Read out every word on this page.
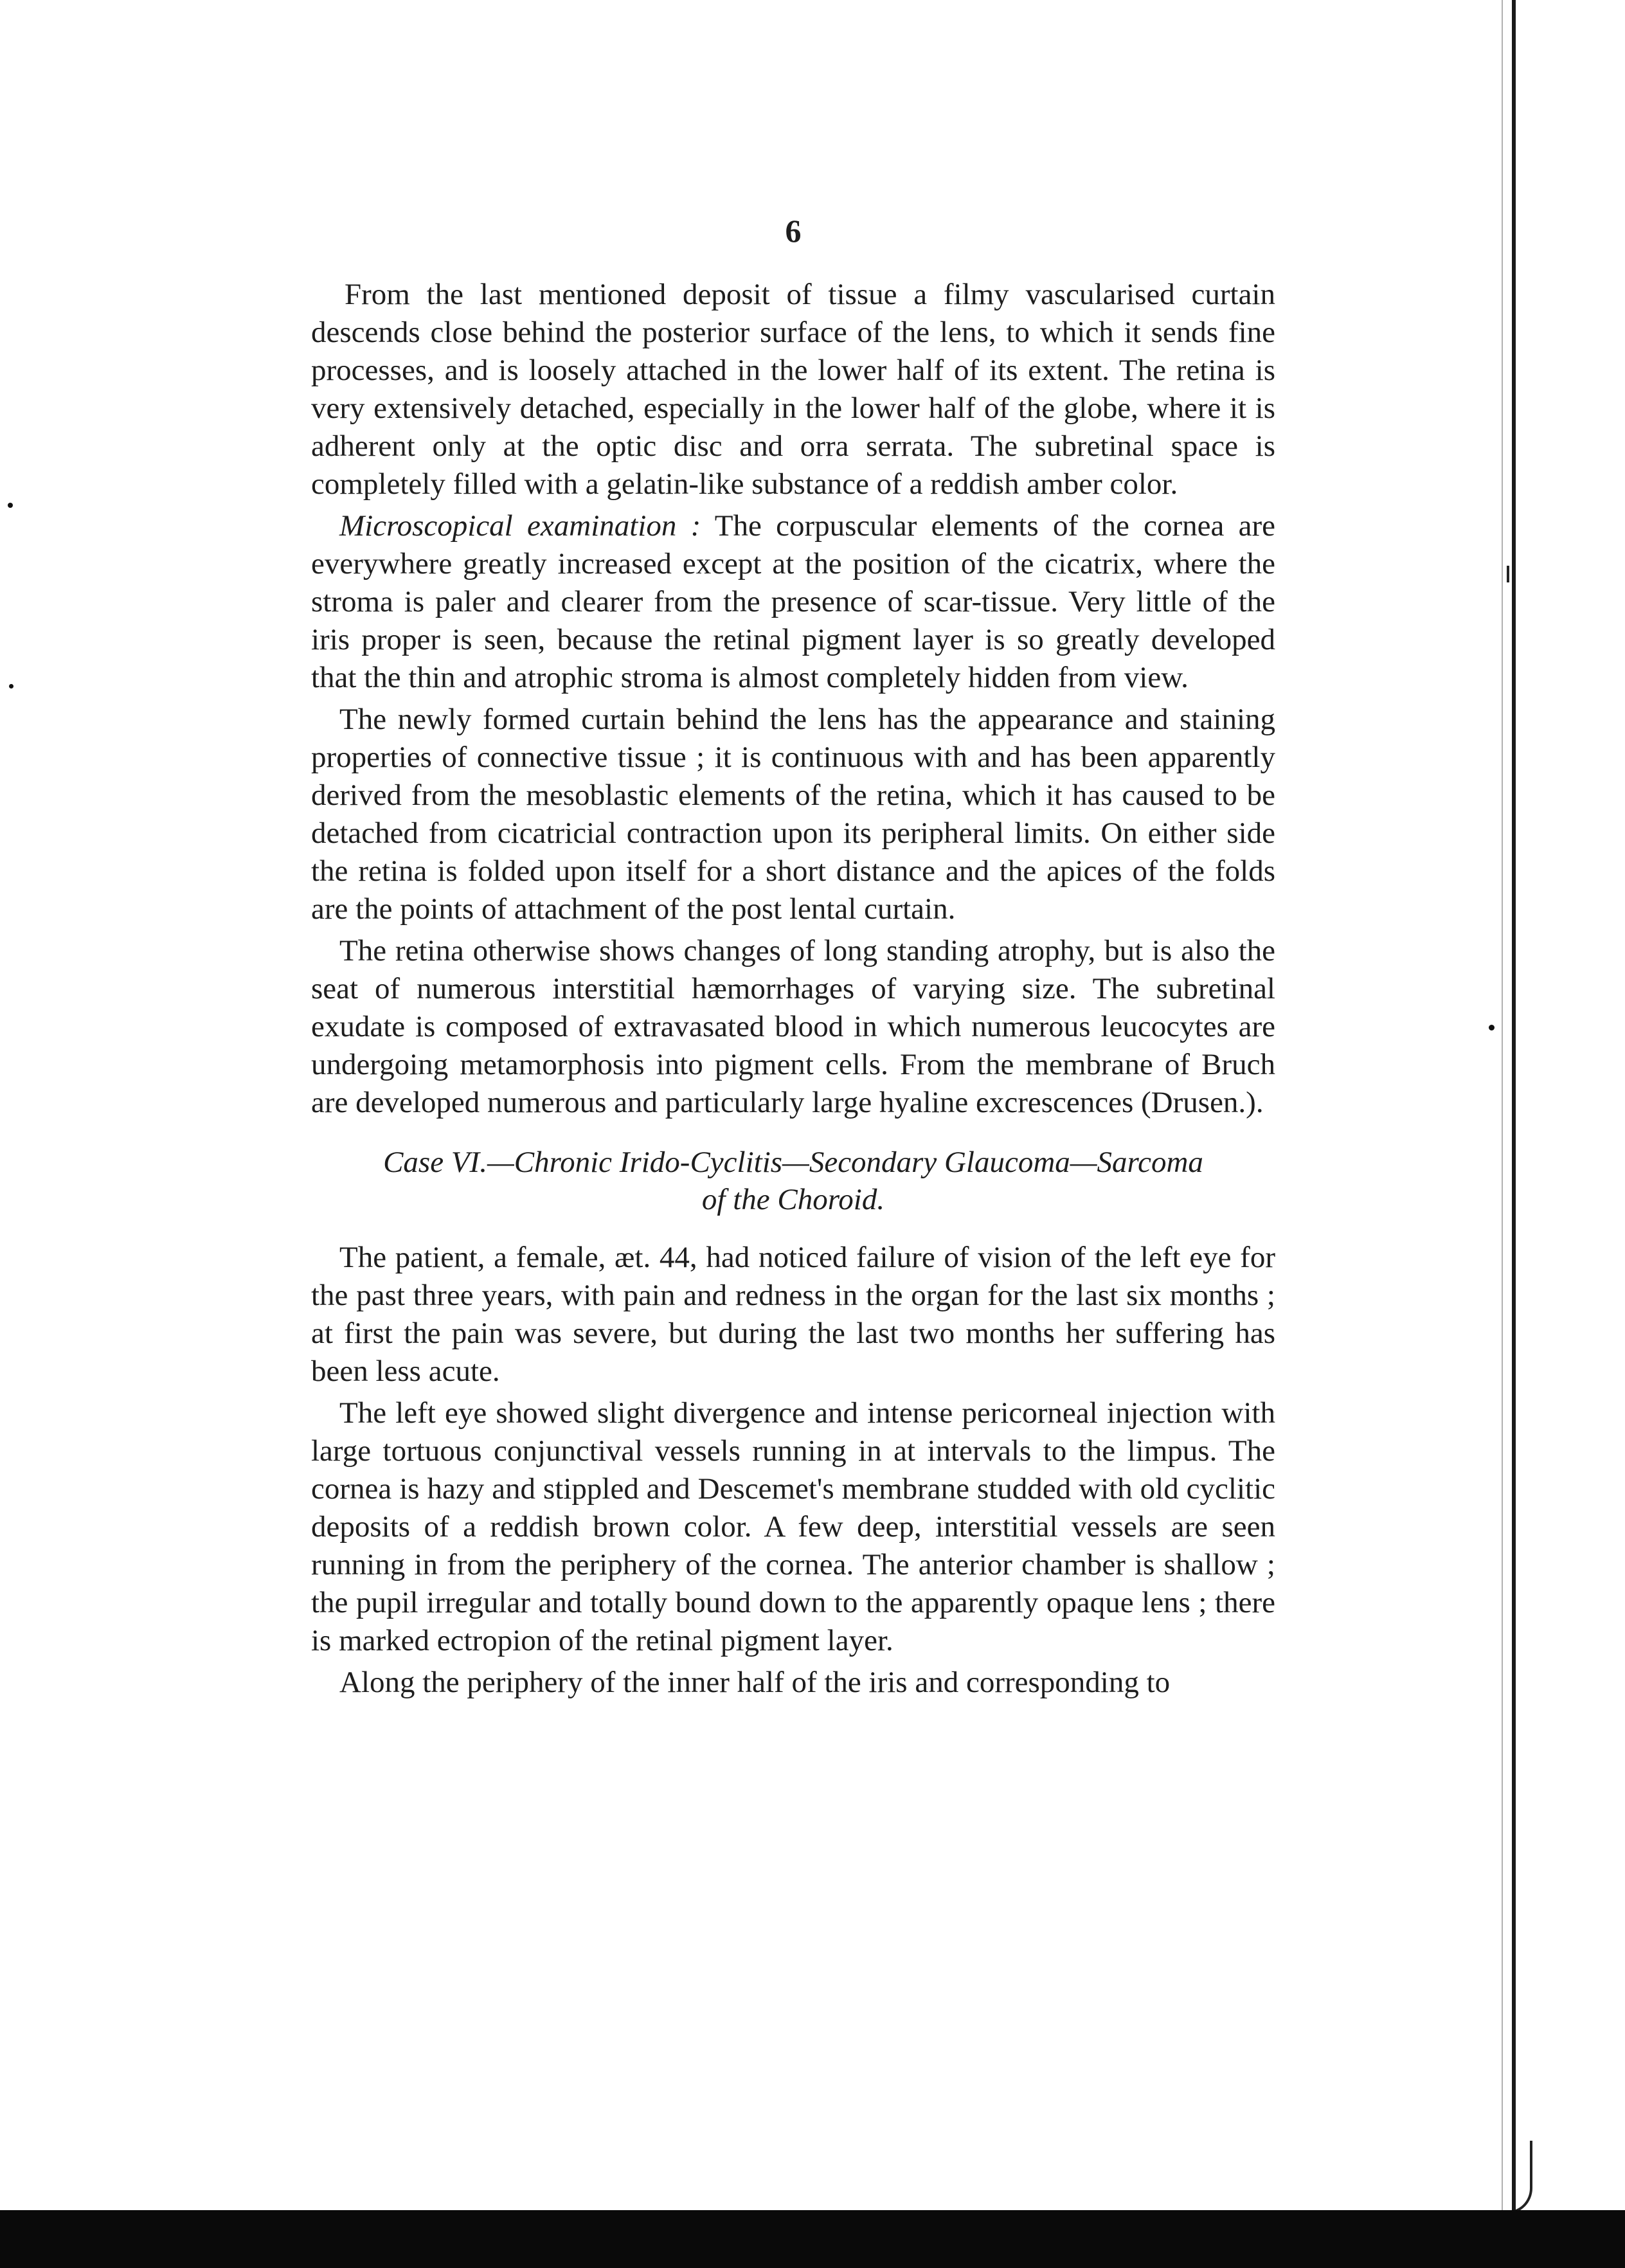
6

From the last mentioned deposit of tissue a filmy vascularised curtain descends close behind the posterior surface of the lens, to which it sends fine processes, and is loosely attached in the lower half of its extent. The retina is very extensively detached, especially in the lower half of the globe, where it is adherent only at the optic disc and orra serrata. The subretinal space is completely filled with a gelatin-like substance of a reddish amber color.

Microscopical examination : The corpuscular elements of the cornea are everywhere greatly increased except at the position of the cicatrix, where the stroma is paler and clearer from the presence of scar-tissue. Very little of the iris proper is seen, because the retinal pigment layer is so greatly developed that the thin and atrophic stroma is almost completely hidden from view.

The newly formed curtain behind the lens has the appearance and staining properties of connective tissue ; it is continuous with and has been apparently derived from the mesoblastic elements of the retina, which it has caused to be detached from cicatricial contraction upon its peripheral limits. On either side the retina is folded upon itself for a short distance and the apices of the folds are the points of attachment of the post lental curtain.

The retina otherwise shows changes of long standing atrophy, but is also the seat of numerous interstitial hæmorrhages of varying size. The subretinal exudate is composed of extravasated blood in which numerous leucocytes are undergoing metamorphosis into pigment cells. From the membrane of Bruch are developed numerous and particularly large hyaline excrescences (Drusen.).

Case VI.—Chronic Irido-Cyclitis—Secondary Glaucoma—Sarcoma
of the Choroid.

The patient, a female, æt. 44, had noticed failure of vision of the left eye for the past three years, with pain and redness in the organ for the last six months ; at first the pain was severe, but during the last two months her suffering has been less acute.

The left eye showed slight divergence and intense pericorneal injection with large tortuous conjunctival vessels running in at intervals to the limpus. The cornea is hazy and stippled and Descemet's membrane studded with old cyclitic deposits of a reddish brown color. A few deep, interstitial vessels are seen running in from the periphery of the cornea. The anterior chamber is shallow ; the pupil irregular and totally bound down to the apparently opaque lens ; there is marked ectropion of the retinal pigment layer.

Along the periphery of the inner half of the iris and corresponding to
